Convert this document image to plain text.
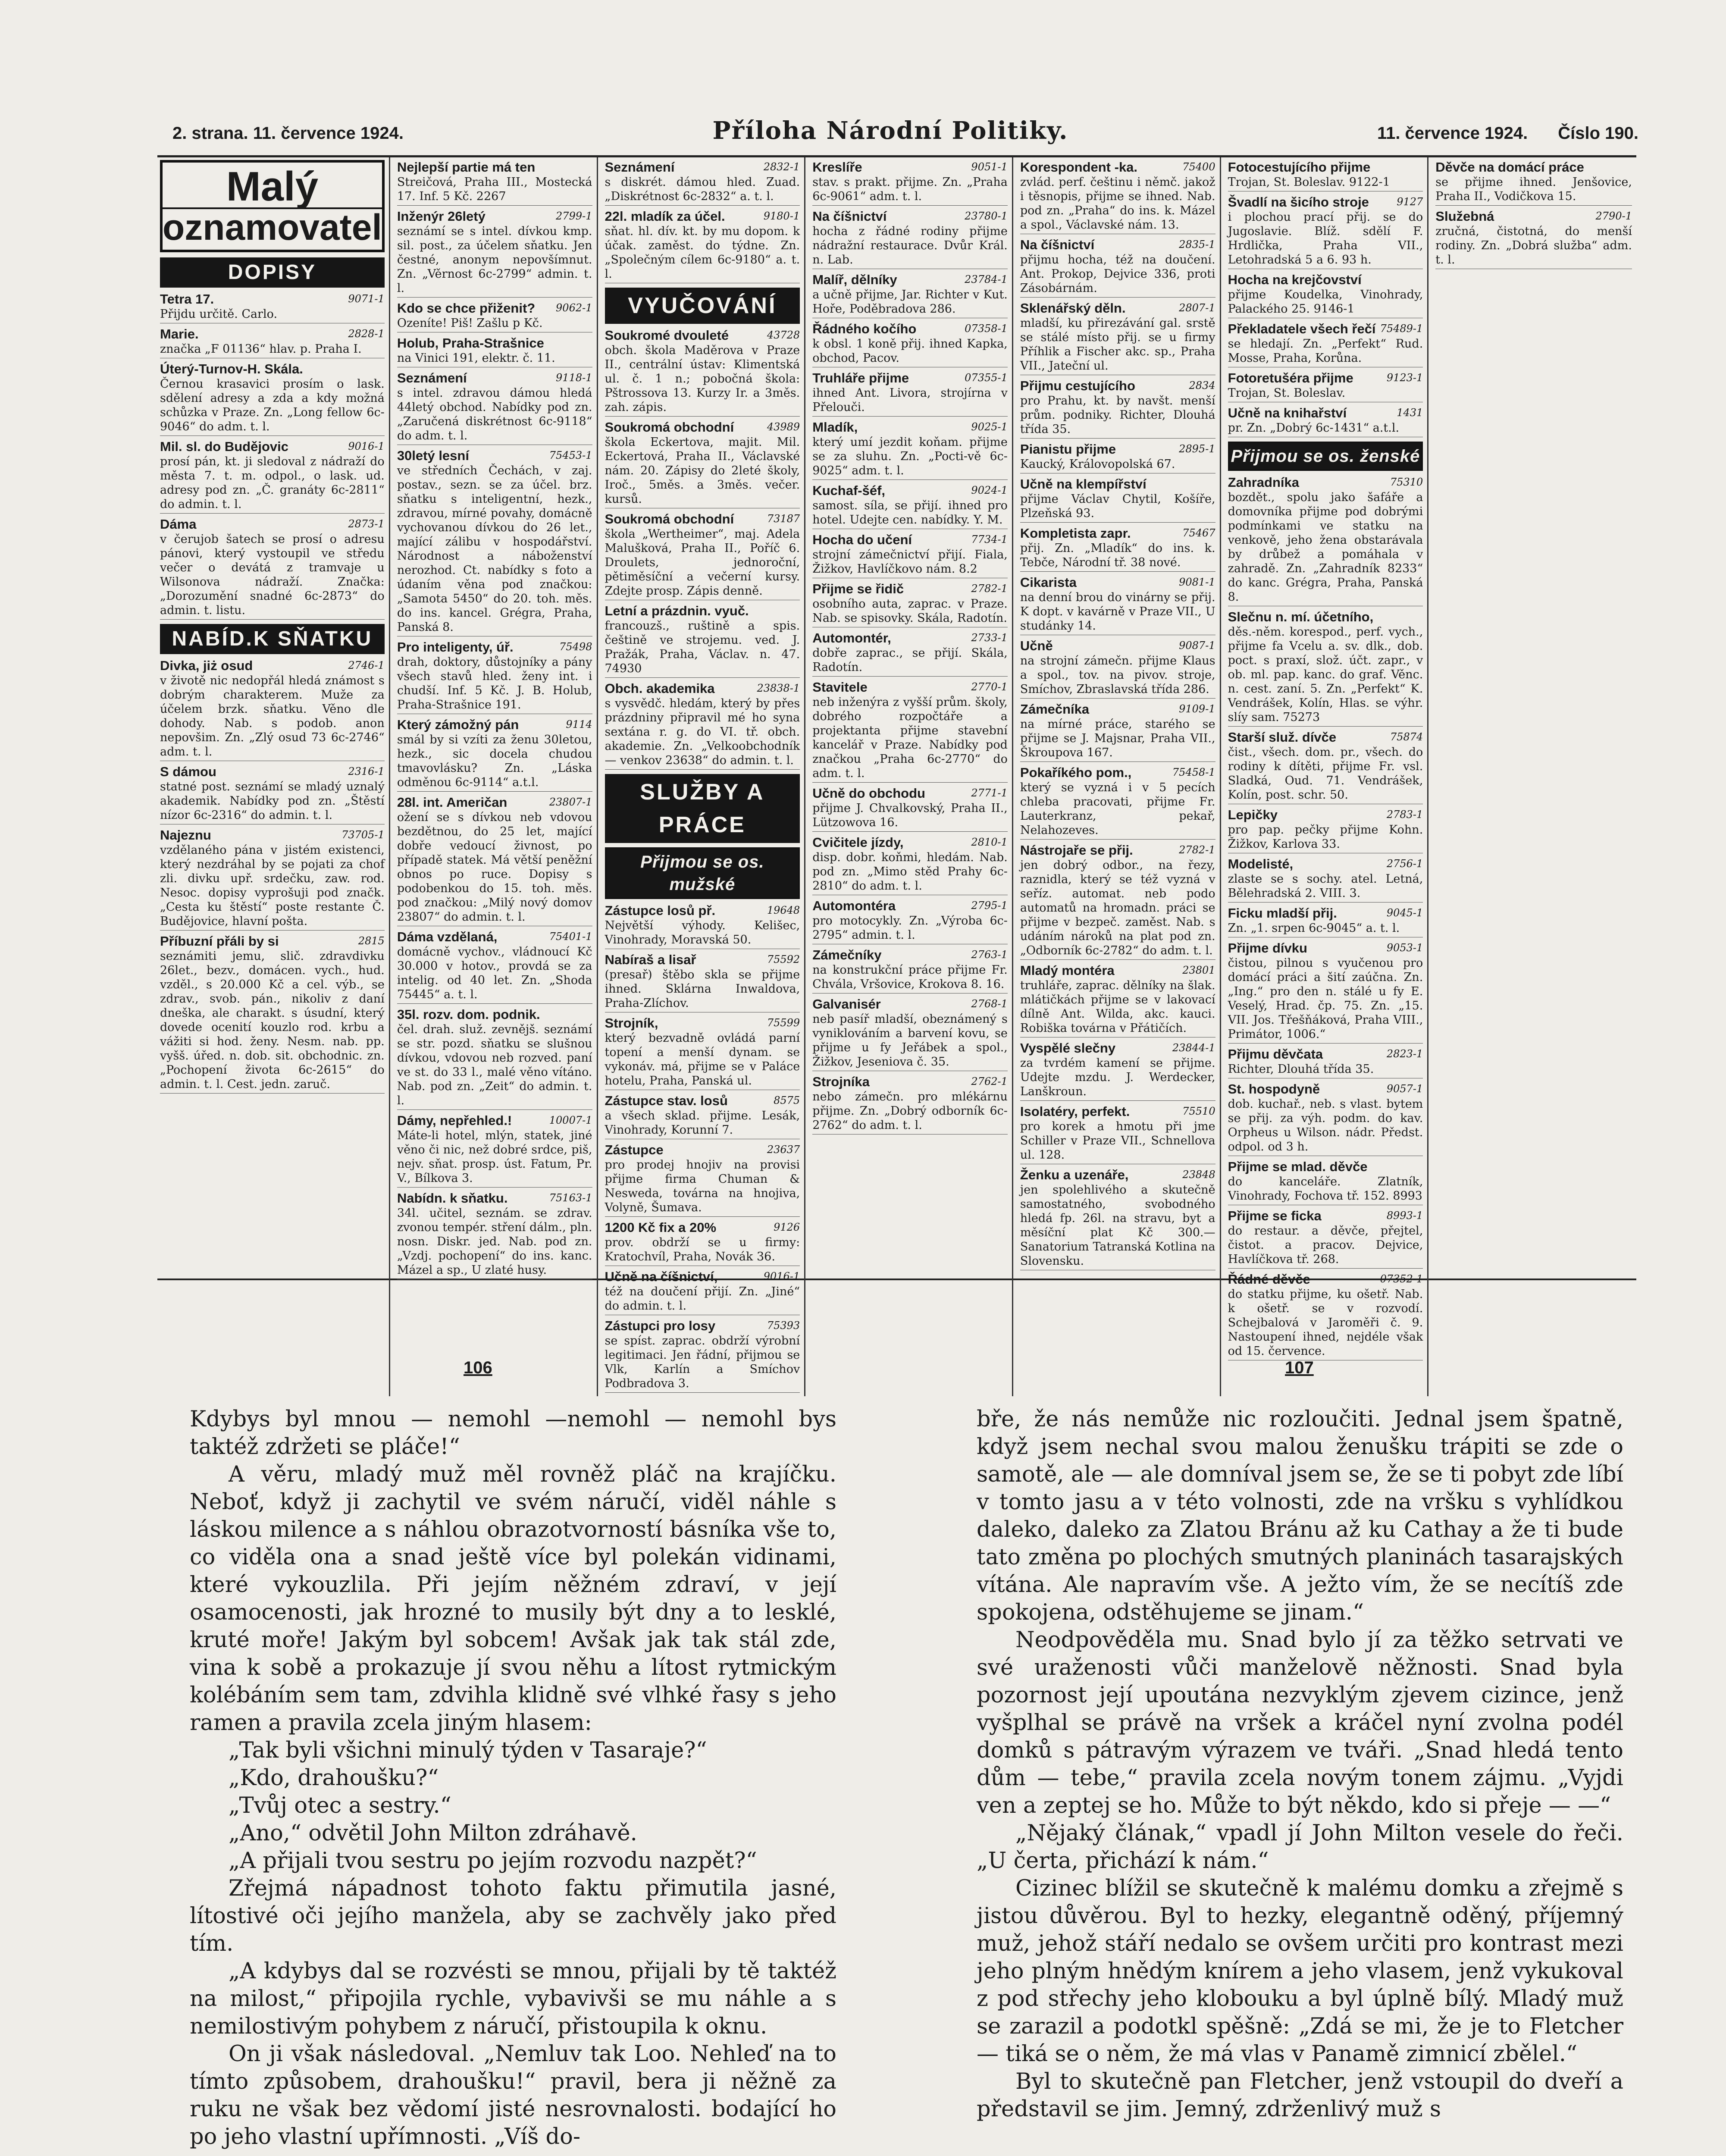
2. strana. 11. července 1924.	Příloha Národní Politiky.	11. července 1924. Číslo 190.
Malý
oznamovatel
DOPISY
Tetra 17.	9071-1
Přijdu určitě. Carlo.
Marie.	2828-1
značka „F 01136“ hlav. p. Praha I.
Úterý-Turnov-H. Skála.
Černou krasavici prosím o lask. sdělení adresy a zda a kdy možná schůzka v Praze. Zn. „Long fellow 6c-9046“ do adm. t. l.
Mil. sl. do Budějovic	9016-1
prosí pán, kt. ji sledoval z nádraží do města 7. t. m. odpol., o lask. ud. adresy pod zn. „Č. granáty 6c-2811“ do admin. t. l.
Dáma	2873-1
v čerujob šatech se prosí o adresu pánovi, který vystoupil ve středu večer o devátá z tramvaje u Wilsonova nádraží. Značka: „Dorozumění snadné 6c-2873“ do admin. t. listu.
NABÍD.K SŇATKU
Divka, jiż osud	2746-1
v životě nic nedopřál hledá známost s dobrým charakterem. Muže za účelem brzk. sňatku. Věno dle dohody. Nab. s podob. anon nepovšim. Zn. „Zlý osud 73 6c-2746“ adm. t. l.
S dámou	2316-1
statné post. seznámí se mladý uznalý akademik. Nabídky pod zn. „Štěstí nízor 6c-2316“ do admin. t. l.
Najeznu	73705-1
vzdělaného pána v jistém existenci, který nezdráhal by se pojati za chof zli. divku upř. srdečku, zaw. rod. Nesoc. dopisy vyprošuji pod značk. „Cesta ku štěstí“ poste restante Č. Budějovice, hlavní pošta.
Příbuzní přáli by si	2815
seznámiti jemu, slič. zdravdivku 26let., bezv., domácen. vych., hud. vzděl., s 20.000 Kč a cel. výb., se zdrav., svob. pán., nikoliv z daní dneška, ale charakt. s úsudní, který dovede ocenití kouzlo rod. krbu a vážiti si hod. ženy. Nesm. nab. pp. vyšš. úřed. n. dob. sit. obchodnic. zn. „Pochopení života 6c-2615“ do admin. t. l. Cest. jedn. zaruč.
Nejlepší partie má ten
Streičová, Praha III., Mostecká 17. Inf. 5 Kč. 2267
Inženýr 26letý	2799-1
seznámí se s intel. dívkou kmp. sil. post., za účelem sňatku. Jen čestné, anonym nepovšímnut. Zn. „Věrnost 6c-2799“ admin. t. l.
Kdo se chce přiženit? 9062-1
Ozeníte! Piš! Zašlu p Kč.
Holub, Praha-Strašnice
na Vinici 191, elektr. č. 11.
Seznámení	9118-1
s intel. zdravou dámou hledá 44letý obchod. Nabídky pod zn. „Zaručená diskrétnost 6c-9118“ do adm. t. l.
30letý lesní	75453-1
ve středních Čechách, v zaj. postav., sezn. se za účel. brz. sňatku s inteligentní, hezk., zdravou, mírné povahy, domácně vychovanou dívkou do 26 let., mající zálibu v hospodářství. Národnost a náboženství nerozhod. Ct. nabídky s foto a údaním věna pod značkou: „Samota 5450“ do 20. toh. měs. do ins. kancel. Grégra, Praha, Panská 8.
Pro inteligenty, úř.	75498
drah, doktory, důstojníky a pány všech stavů hled. ženy int. i chudší. Inf. 5 Kč. J. B. Holub, Praha-Strašnice 191.
Který zámožný pán	9114
smál by si vzíti za ženu 30letou, hezk., sic docela chudou tmavovlásku? Zn. „Láska odměnou 6c-9114“ a.t.l.
28l. int. Američan	23807-1
ožení se s dívkou neb vdovou bezdětnou, do 25 let, mající dobře vedoucí živnost, po případě statek. Má větší peněžní obnos po ruce. Dopisy s podobenkou do 15. toh. měs. pod značkou: „Milý nový domov 23807“ do admin. t. l.
Dáma vzdělaná,	75401-1
domácně vychov., vládnoucí Kč 30.000 v hotov., provdá se za intelig. od 40 let. Zn. „Shoda 75445“ a. t. l.
35l. rozv. dom. podnik.
čel. drah. služ. zevnějš. seznámí se str. pozd. sňatku se slušnou dívkou, vdovou neb rozved. paní ve st. do 33 l., malé věno vítáno. Nab. pod zn. „Zeit“ do admin. t. l.
Dámy, nepřehled.!	10007-1
Máte-li hotel, mlýn, statek, jiné věno či nic, než dobré srdce, piš, nejv. sňat. prosp. úst. Fatum, Pr. V., Bílkova 3.
Nabídn. k sňatku.	75163-1
34l. učitel, seznám. se zdrav. zvonou tempér. stření dálm., pln. nosn. Diskr. jed. Nab. pod zn. „Vzdj. pochopení“ do ins. kanc. Mázel a sp., U zlaté husy.
Seznámení	2832-1
s diskrét. dámou hled. Zuad. „Diskrétnost 6c-2832“ a. t. l.
22l. mladík za účel.	9180-1
sňat. hl. dív. kt. by mu dopom. k účak. zaměst. do týdne. Zn. „Společným cílem 6c-9180“ a. t. l.
VYUČOVÁNÍ
Soukromé dvouleté	43728
obch. škola Maděrova v Praze II., centrální ústav: Klimentská ul. č. 1 n.; pobočná škola: Pštrossova 13. Kurzy Ir. a 3měs. zah. zápis.
Soukromá obchodní	43989
škola Eckertova, majit. Mil. Eckertová, Praha II., Václavské nám. 20. Zápisy do 2leté školy, Iroč., 5měs. a 3měs. večer. kursů.
Soukromá obchodní	73187
škola „Wertheimer“, maj. Adela Malušková, Praha II., Poříč 6. Droulets, jednoroční, pětiměsíční a večerní kursy. Zdejte prosp. Zápis denně.
Letní a prázdnin. vyuč.
francouzš., ruštině a spis. češtině ve strojemu. ved. J. Pražák, Praha, Václav. n. 47. 74930
Obch. akademika	23838-1
s vysvědč. hledám, který by přes prázdniny připravil mé ho syna sextána r. g. do VI. tř. obch. akademie. Zn. „Velkoobchodník — venkov 23638“ do admin. t. l.
SLUŽBY A PRÁCE
Přijmou se os. mužské
Zástupce losů př.	19648
Největší výhody. Kelišec, Vinohrady, Moravská 50.
Nabíraš a lisař	75592
(presař) štěbo skla se přijme ihned. Sklárna Inwaldova, Praha-Zlíchov.
Strojník,	75599
který bezvadně ovládá parní topení a menší dynam. se vykonáv. má, přijme se v Paláce hotelu, Praha, Panská ul.
Zástupce stav. losů	8575
a všech sklad. přijme. Lesák, Vinohrady, Korunní 7.
Zástupce	23637
pro prodej hnojiv na provisi přijme firma Chuman & Nesweda, továrna na hnojiva, Volyně, Šumava.
1200 Kč fix a 20%	9126
prov. obdrží se u firmy: Kratochvíl, Praha, Novák 36.
Učně na číšnictví,	9016-1
též na doučení přijí. Zn. „Jiné“ do admin. t. l.
Zástupci pro losy	75393
se spíst. zaprac. obdrží výrobní legitimaci. Jen řádní, přijmou se Vlk, Karlín a Smíchov Podbradova 3.
Kreslíře	9051-1
stav. s prakt. přijme. Zn. „Praha 6c-9061“ adm. t. l.
Na číšnictví	23780-1
hocha z řádné rodiny přijme nádražní restaurace. Dvůr Král. n. Lab.
Malíř, dělníky	23784-1
a učně přijme, Jar. Richter v Kut. Hoře, Poděbradova 286.
Řádného kočího	07358-1
k obsl. 1 koně přij. ihned Kapka, obchod, Pacov.
Truhláře přijme	07355-1
ihned Ant. Livora, strojírna v Přelouči.
Mladík,	9025-1
který umí jezdit koňam. přijme se za sluhu. Zn. „Pocti-vě 6c-9025“ adm. t. l.
Kuchaf-šéf,	9024-1
samost. síla, se přijí. ihned pro hotel. Udejte cen. nabídky. Y. M.
Hocha do učení	7734-1
strojní zámečnictví přijí. Fiala, Žižkov, Havlíčkovo nám. 8.2
Přijme se řidič	2782-1
osobního auta, zaprac. v Praze. Nab. se spisovky. Skála, Radotín.
Automontér,	2733-1
dobře zaprac., se přijí. Skála, Radotín.
Stavitele	2770-1
neb inženýra z vyšší prům. školy, dobrého rozpočtáře a projektanta přijme stavební kancelář v Praze. Nabídky pod značkou „Praha 6c-2770“ do adm. t. l.
Učně do obchodu	2771-1
přijme J. Chvalkovský, Praha II., Lützowova 16.
Cvičitele jízdy,	2810-1
disp. dobr. koňmi, hledám. Nab. pod zn. „Mimo stěd Prahy 6c-2810“ do adm. t. l.
Automontéra	2795-1
pro motocykly. Zn. „Výroba 6c-2795“ admin. t. l.
Zámečníky	2763-1
na konstrukční práce přijme Fr. Chvála, Vršovice, Krokova 8. 16.
Galvanisér	2768-1
neb pasíř mladší, obeznámený s vyniklováním a barvení kovu, se přijme u fy Jeřábek a spol., Žižkov, Jeseniova č. 35.
Strojníka	2762-1
nebo zámečn. pro mlékárnu přijme. Zn. „Dobrý odborník 6c-2762“ do adm. t. l.
Korespondent -ka.	75400
zvlád. perf. češtinu i němč. jakož i těsnopis, přijme se ihned. Nab. pod zn. „Praha“ do ins. k. Mázel a spol., Václavské nám. 13.
Na číšnictví	2835-1
přijmu hocha, též na doučení. Ant. Prokop, Dejvice 336, proti Zásobárnám.
Sklenářský děln.	2807-1
mladší, ku přirezávání gal. srstě se stálé místo přij. se u firmy Příhlik a Fischer akc. sp., Praha VII., Jateční ul.
Přijmu cestujícího	2834
pro Prahu, kt. by navšt. menší prům. podniky. Richter, Dlouhá třída 35.
Pianistu přijme	2895-1
Kaucký, Královopolská 67.
Učně na klempířství
přijme Václav Chytil, Košíře, Plzeňská 93.
Kompletista zapr.	75467
přij. Zn. „Mladík“ do ins. k. Tebče, Národní tř. 38 nové.
Cikarista	9081-1
na denní brou do vinárny se přij. K dopt. v kavárně v Praze VII., U studánky 14.
Učně	9087-1
na strojní zámečn. přijme Klaus a spol., tov. na pivov. stroje, Smíchov, Zbraslavská třída 286.
Zámečníka	9109-1
na mírné práce, starého se přijme se J. Majsnar, Praha VII., Škroupova 167.
Pokaříkého pom.,	75458-1
který se vyzná i v 5 pecích chleba pracovati, přijme Fr. Lauterkranz, pekař, Nelahozeves.
Nástrojaře se přij.	2782-1
jen dobrý odbor., na řezy, raznidla, který se též vyzná v seříz. automat. neb podo automatů na hromadn. práci se přijme v bezpeč. zaměst. Nab. s udáním nároků na plat pod zn. „Odborník 6c-2782“ do adm. t. l.
Mladý montéra	23801
truhláře, zaprac. dělníky na šlak. mlátičkách přijme se v lakovací dílně Ant. Wilda, akc. kauci. Robiška továrna v Přátičích.
Vyspělé slečny	23844-1
za tvrdém kamení se přijme. Udejte mzdu. J. Werdecker, Lanškroun.
Isolatéry, perfekt.	75510
pro korek a hmotu při jme Schiller v Praze VII., Schnellova ul. 128.
Ženku a uzenáře,	23848
jen spolehlivého a skutečně samostatného, svobodného hledá fp. 26l. na stravu, byt a měsíční plat Kč 300.— Sanatorium Tatranská Kotlina na Slovensku.
Fotocestujícího přijme
Trojan, St. Boleslav. 9122-1
Švadlí na šicího stroje	9127
i plochou prací přij. se do Jugoslavie. Blíž. sdělí F. Hrdlička, Praha VII., Letohradská 5 a 6. 93 h.
Hocha na krejčovství
přijme Koudelka, Vinohrady, Palackého 25. 9146-1
Překladatele všech řečí 75489-1
se hledají. Zn. „Perfekt“ Rud. Mosse, Praha, Korůna.
Fotoretušéra přijme	9123-1
Trojan, St. Boleslav.
Učně na knihařství	1431
pr. Zn. „Dobrý 6c-1431“ a.t.l.
Přijmou se os. ženské
Zahradníka	75310
bozdět., spolu jako šafáře a domovníka přijme pod dobrými podmínkami ve statku na venkově, jeho žena obstarávala by drůbež a pomáhala v zahradě. Zn. „Zahradník 8233“ do kanc. Grégra, Praha, Panská 8.
Slečnu n. mí. účetního,
děs.-něm. korespod., perf. vych., přijme fa Vcelu a. sv. dlk., dob. poct. s praxí, slož. účt. zapr., v ob. ml. pap. kanc. do graf. Věnc. n. cest. zaní. 5. Zn. „Perfekt“ K. Vendrášek, Kolín, Hlas. se výhr. slíy sam. 75273
Starší služ. dívče	75874
čist., všech. dom. pr., všech. do rodiny k dítěti, přijme Fr. vsl. Sladká, Oud. 71. Vendrášek, Kolín, post. schr. 50.
Lepičky	2783-1
pro pap. pečky přijme Kohn. Žižkov, Karlova 33.
Modelisté,	2756-1
zlaste se s sochy. atel. Letná, Bělehradská 2. VIII. 3.
Ficku mladší přij.	9045-1
Zn. „1. srpen 6c-9045“ a. t. l.
Přijme dívku	9053-1
čistou, pilnou s vyučenou pro domácí práci a šití zaúčna. Zn. „Ing.“ pro den n. stálé u fy E. Veselý, Hrad. čp. 75. Zn. „15. VII. Jos. Třešňáková, Praha VIII., Primátor, 1006.“
Přijmu děvčata	2823-1
Richter, Dlouhá třída 35.
St. hospodyně	9057-1
dob. kuchař., neb. s vlast. bytem se přij. za výh. podm. do kav. Orpheus u Wilson. nádr. Předst. odpol. od 3 h.
Přijme se mlad. děvče
do kanceláře. Zlatník, Vinohrady, Fochova tř. 152. 8993
Přijme se ficka	8993-1
do restaur. a děvče, přejtel, čistot. a pracov. Dejvice, Havlíčkova tř. 268.
Řádné děvče	07352-1
do statku přijme, ku ošetř. Nab. k ošetř. se v rozvodí. Schejbalová v Jaroměři č. 9. Nastoupení ihned, nejdéle však od 15. července.
Děvče na domácí práce
se přijme ihned. Jenšovice, Praha II., Vodičkova 15.
Služebná	2790-1
zručná, čistotná, do menší rodiny. Zn. „Dobrá služba“ adm. t. l.
106	107

Kdybys byl mnou — nemohl —nemohl — nemohl bys taktéž zdržeti se pláče!“

A věru, mladý muž měl rovněž pláč na krajíčku. Neboť, když ji zachytil ve svém náručí, viděl náhle s láskou milence a s náhlou obrazotvorností básníka vše to, co viděla ona a snad ještě více byl polekán vidinami, které vykouzlila. Při jejím něžném zdraví, v její osamocenosti, jak hrozné to musily být dny a to lesklé, kruté moře! Jakým byl sobcem! Avšak jak tak stál zde, vina k sobě a prokazuje jí svou něhu a lítost rytmickým kolébáním sem tam, zdvihla klidně své vlhké řasy s jeho ramen a pravila zcela jiným hlasem:

„Tak byli všichni minulý týden v Tasaraje?“

„Kdo, drahoušku?“

„Tvůj otec a sestry.“

„Ano,“ odvětil John Milton zdráhavě.

„A přijali tvou sestru po jejím rozvodu nazpět?“

Zřejmá nápadnost tohoto faktu přimutila jasné, lítostivé oči jejího manžela, aby se zachvěly jako před tím.

„A kdybys dal se rozvésti se mnou, přijali by tě taktéž na milost,“ připojila rychle, vybavivši se mu náhle a s nemilostivým pohybem z náručí, přistoupila k oknu.

On ji však následoval. „Nemluv tak Loo. Nehleď na to tímto způsobem, drahoušku!“ pravil, bera ji něžně za ruku ne však bez vědomí jisté nesrovnalosti. bodající ho po jeho vlastní upřímnosti. „Víš do-

bře, že nás nemůže nic rozloučiti. Jednal jsem špatně, když jsem nechal svou malou ženušku trápiti se zde o samotě, ale — ale domníval jsem se, že se ti pobyt zde líbí v tomto jasu a v této volnosti, zde na vršku s vyhlídkou daleko, daleko za Zlatou Bránu až ku Cathay a že ti bude tato změna po plochých smutných planinách tasarajských vítána. Ale napravím vše. A ježto vím, že se necítíš zde spokojena, odstěhujeme se jinam.“

Neodpověděla mu. Snad bylo jí za těžko setrvati ve své uraženosti vůči manželově něžnosti. Snad byla pozornost její upoutána nezvyklým zjevem cizince, jenž vyšplhal se právě na vršek a kráčel nyní zvolna podél domků s pátravým výrazem ve tváři. „Snad hledá tento dům — tebe,“ pravila zcela novým tonem zájmu. „Vyjdi ven a zeptej se ho. Může to být někdo, kdo si přeje — —“

„Nějaký člának,“ vpadl jí John Milton vesele do řeči. „U čerta, přichází k nám.“

Cizinec blížil se skutečně k malému domku a zřejmě s jistou důvěrou. Byl to hezky, elegantně oděný, příjemný muž, jehož stáří nedalo se ovšem určiti pro kontrast mezi jeho plným hnědým knírem a jeho vlasem, jenž vykukoval z pod střechy jeho klobouku a byl úplně bílý. Mladý muž se zarazil a podotkl spěšně: „Zdá se mi, že je to Fletcher — tiká se o něm, že má vlas v Panamě zimnicí zbělel.“

Byl to skutečně pan Fletcher, jenž vstoupil do dveří a představil se jim. Jemný, zdrženlivý muž s
